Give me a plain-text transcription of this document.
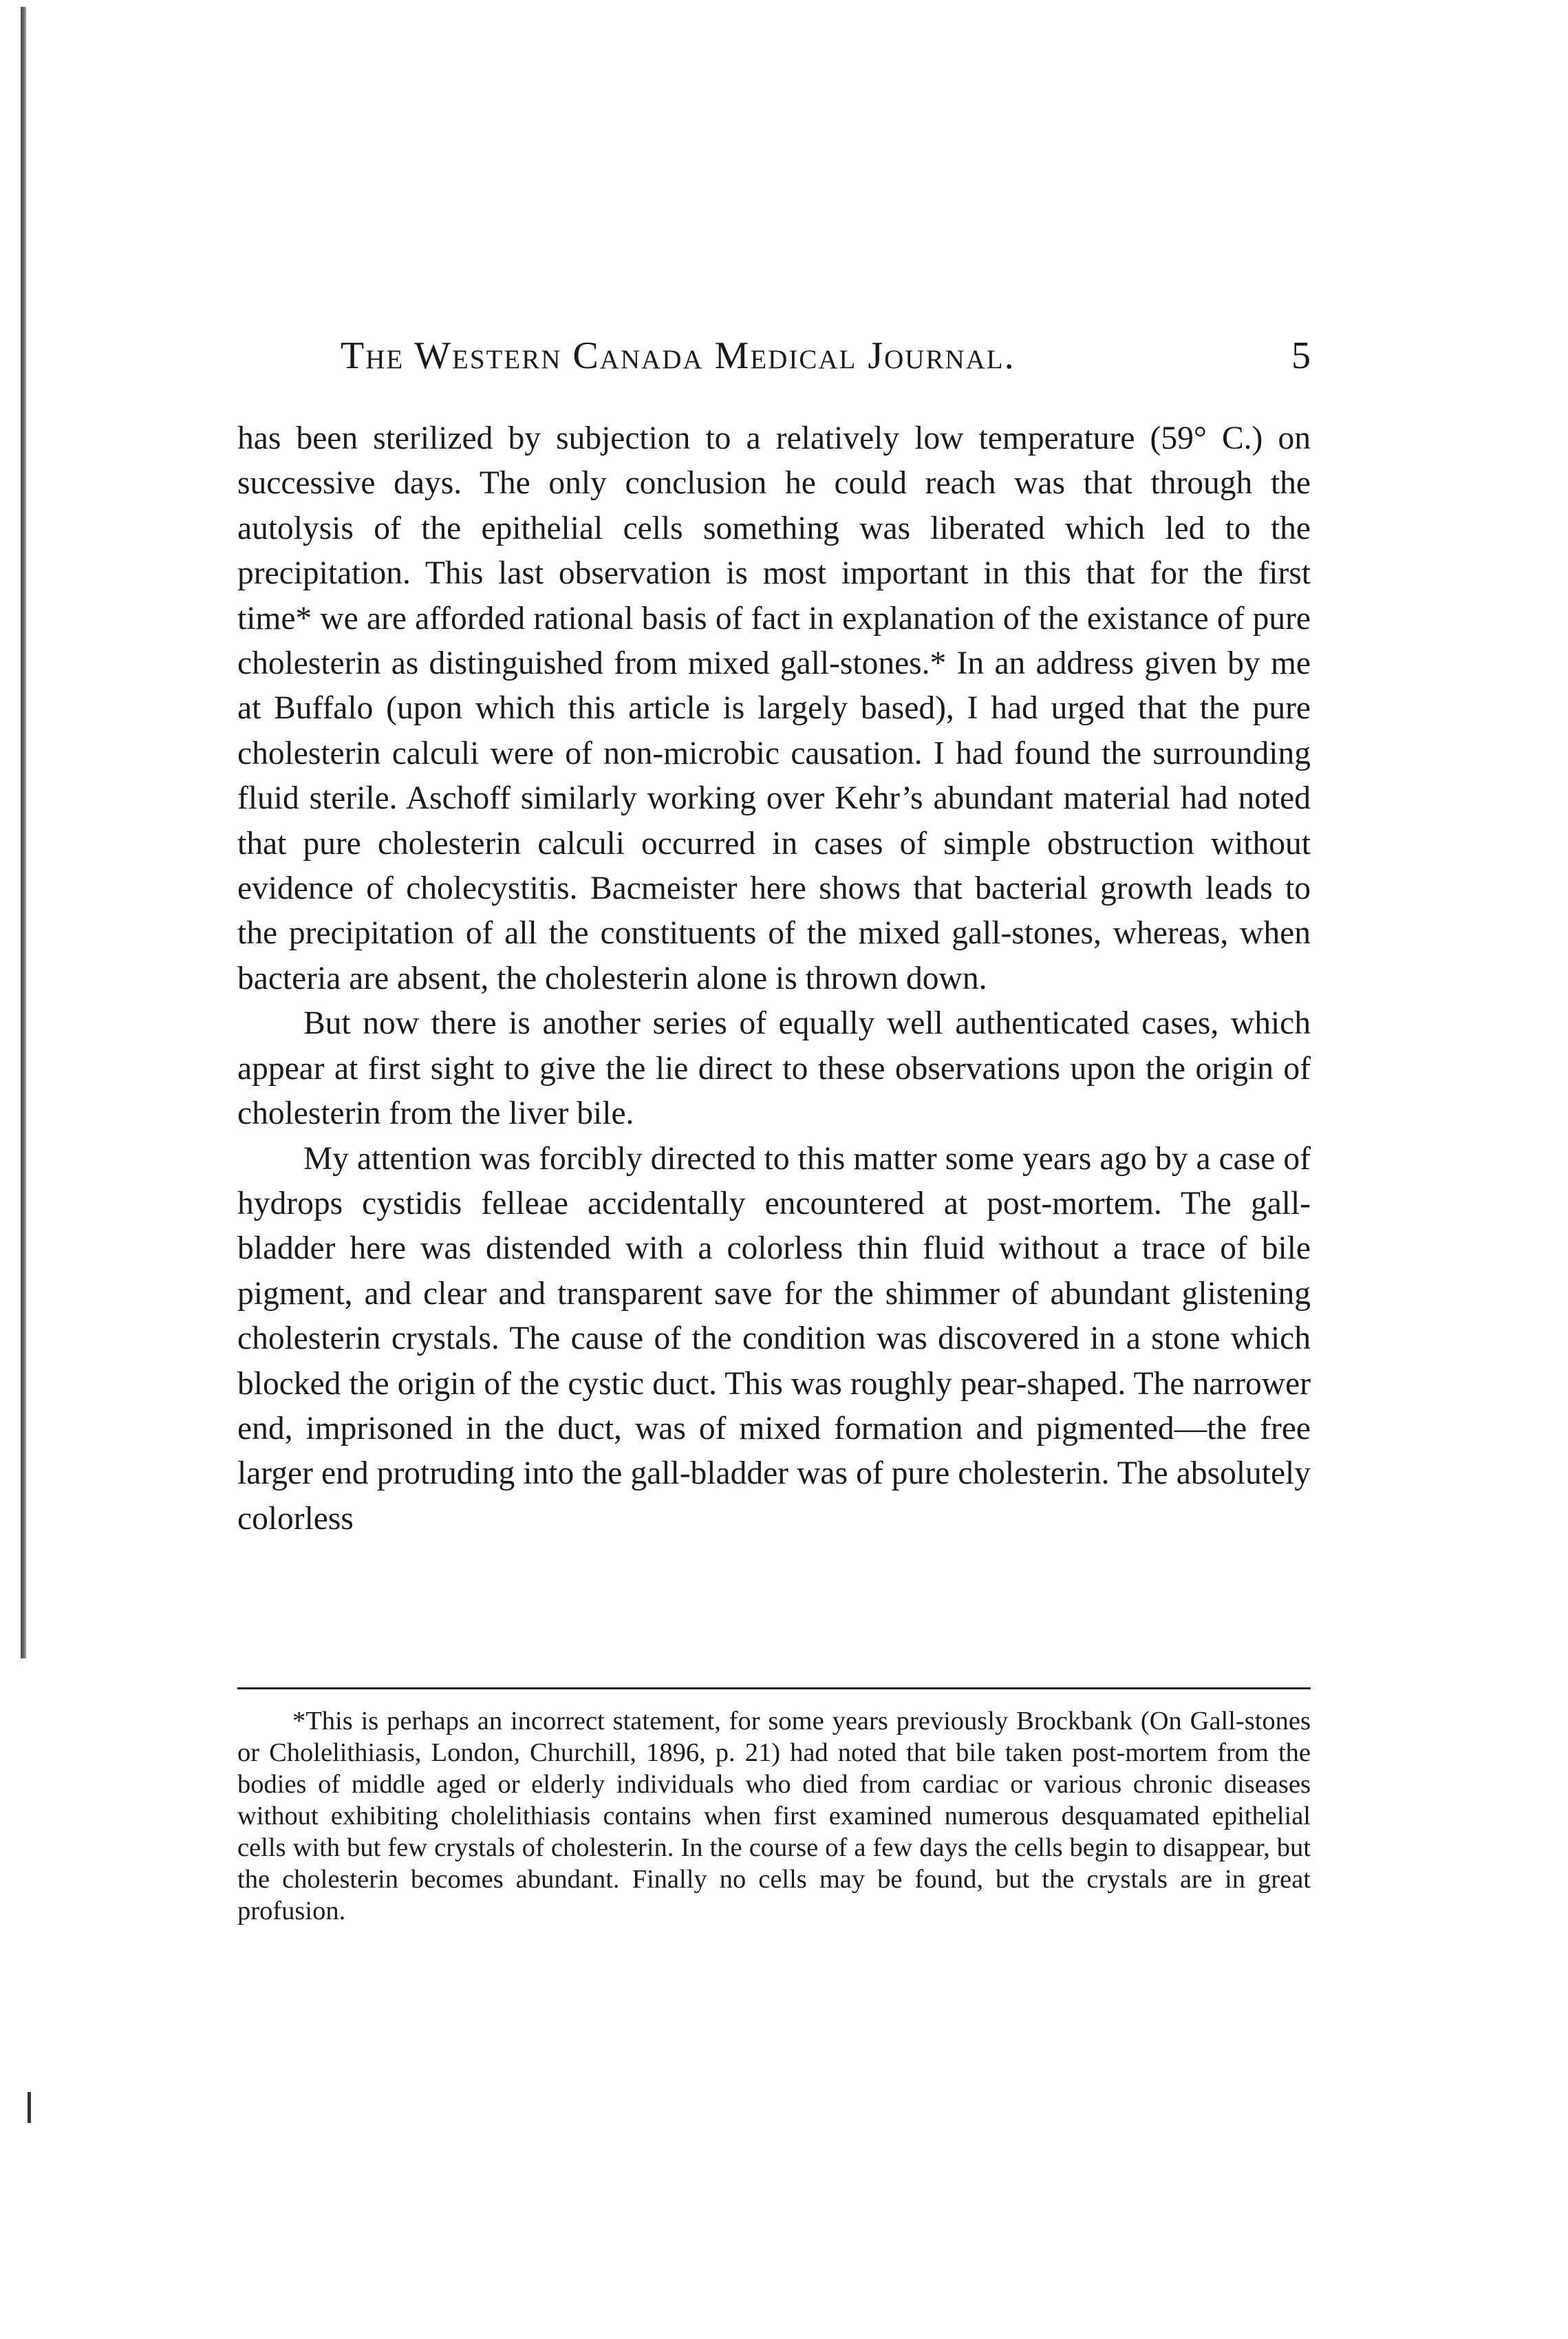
The Western Canada Medical Journal.	5

has been sterilized by subjection to a relatively low temperature (59° C.) on successive days. The only conclusion he could reach was that through the autolysis of the epithelial cells something was liberated which led to the precipitation. This last observation is most important in this that for the first time* we are afforded rational basis of fact in explanation of the existance of pure cholesterin as distinguished from mixed gall-stones.* In an address given by me at Buffalo (upon which this article is largely based), I had urged that the pure cholesterin calculi were of non-microbic causation. I had found the surrounding fluid sterile. Aschoff similarly working over Kehr’s abundant material had noted that pure cholesterin calculi occurred in cases of simple obstruction without evidence of cholecystitis. Bacmeister here shows that bacterial growth leads to the precipitation of all the constituents of the mixed gall-stones, whereas, when bacteria are absent, the cholesterin alone is thrown down.

But now there is another series of equally well authenticated cases, which appear at first sight to give the lie direct to these observations upon the origin of cholesterin from the liver bile.

My attention was forcibly directed to this matter some years ago by a case of hydrops cystidis felleae accidentally encountered at post-mortem. The gall-bladder here was distended with a colorless thin fluid without a trace of bile pigment, and clear and transparent save for the shimmer of abundant glistening cholesterin crystals. The cause of the condition was discovered in a stone which blocked the origin of the cystic duct. This was roughly pear-shaped. The narrower end, imprisoned in the duct, was of mixed formation and pigmented—the free larger end protruding into the gall-bladder was of pure cholesterin. The absolutely colorless

*This is perhaps an incorrect statement, for some years previously Brockbank (On Gall-stones or Cholelithiasis, London, Churchill, 1896, p. 21) had noted that bile taken post-mortem from the bodies of middle aged or elderly individuals who died from cardiac or various chronic diseases without exhibiting cholelithiasis contains when first examined numerous desquamated epithelial cells with but few crystals of cholesterin. In the course of a few days the cells begin to disappear, but the cholesterin becomes abundant. Finally no cells may be found, but the crystals are in great profusion.
